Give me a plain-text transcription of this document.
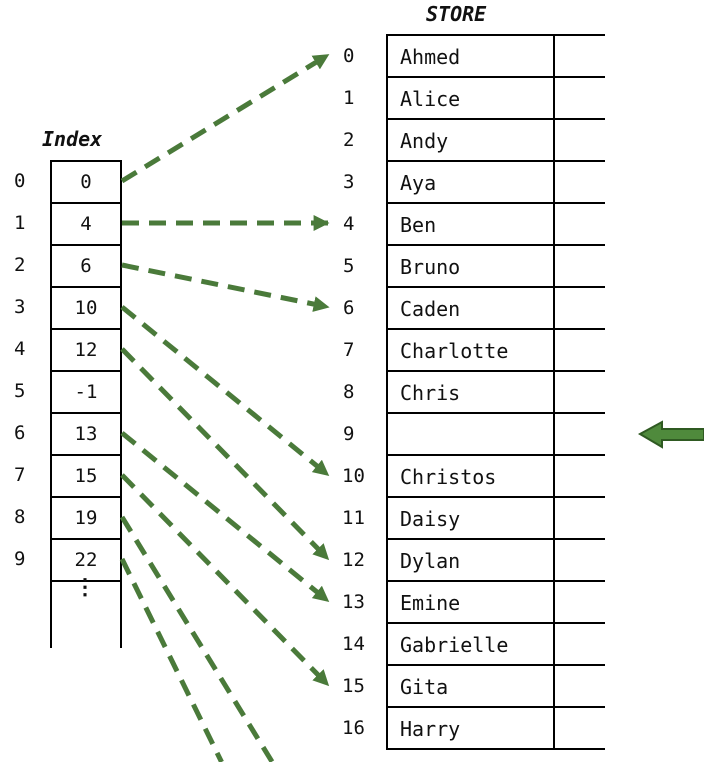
STORE
Index
0	0
1	4
2	6
3	10
4	12
5	-1
6	13
7	15
8	19
9	22
0	Ahmed
1	Alice
2	Andy
3	Aya
4	Ben
5	Bruno
6	Caden
7	Charlotte
8	Chris
9
10	Christos
11	Daisy
12	Dylan
13	Emine
14	Gabrielle
15	Gita
16	Harry
⋮
